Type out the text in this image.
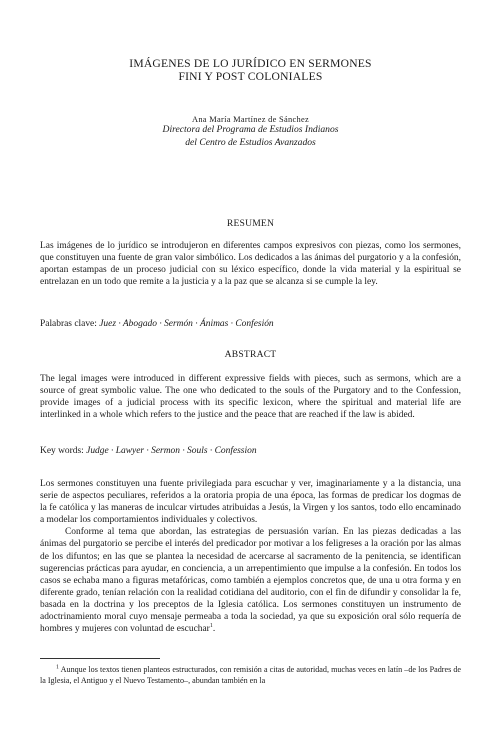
IMÁGENES DE LO JURÍDICO EN SERMONES
FINI Y POST COLONIALES
Ana María Martínez de Sánchez
Directora del Programa de Estudios Indianos
del Centro de Estudios Avanzados
RESUMEN
Las imágenes de lo jurídico se introdujeron en diferentes campos expresivos con piezas, como los sermones, que constituyen una fuente de gran valor simbólico. Los dedicados a las ánimas del purgatorio y a la confesión, aportan estampas de un proceso judicial con su léxico específico, donde la vida material y la espiritual se entrelazan en un todo que remite a la justicia y a la paz que se alcanza si se cumple la ley.
Palabras clave: Juez · Abogado · Sermón · Ánimas · Confesión
ABSTRACT
The legal images were introduced in different expressive fields with pieces, such as sermons, which are a source of great symbolic value. The one who dedicated to the souls of the Purgatory and to the Confession, provide images of a judicial process with its specific lexicon, where the spiritual and material life are interlinked in a whole which refers to the justice and the peace that are reached if the law is abided.
Key words: Judge · Lawyer · Sermon · Souls · Confession

Los sermones constituyen una fuente privilegiada para escuchar y ver, imaginariamente y a la distancia, una serie de aspectos peculiares, referidos a la oratoria propia de una época, las formas de predicar los dogmas de la fe católica y las maneras de inculcar virtudes atribuidas a Jesús, la Virgen y los santos, todo ello encaminado a modelar los comportamientos individuales y colectivos.

Conforme al tema que abordan, las estrategias de persuasión varían. En las piezas dedicadas a las ánimas del purgatorio se percibe el interés del predicador por motivar a los feligreses a la oración por las almas de los difuntos; en las que se plantea la necesidad de acercarse al sacramento de la penitencia, se identifican sugerencias prácticas para ayudar, en conciencia, a un arrepentimiento que impulse a la confesión. En todos los casos se echaba mano a figuras metafóricas, como también a ejemplos concretos que, de una u otra forma y en diferente grado, tenían relación con la realidad cotidiana del auditorio, con el fin de difundir y consolidar la fe, basada en la doctrina y los preceptos de la Iglesia católica. Los sermones constituyen un instrumento de adoctrinamiento moral cuyo mensaje permeaba a toda la sociedad, ya que su exposición oral sólo requería de hombres y mujeres con voluntad de escuchar$^1$.

$^1$ Aunque los textos tienen planteos estructurados, con remisión a citas de autoridad, muchas veces en latín –de los Padres de la Iglesia, el Antiguo y el Nuevo Testamento–, abundan también en la
